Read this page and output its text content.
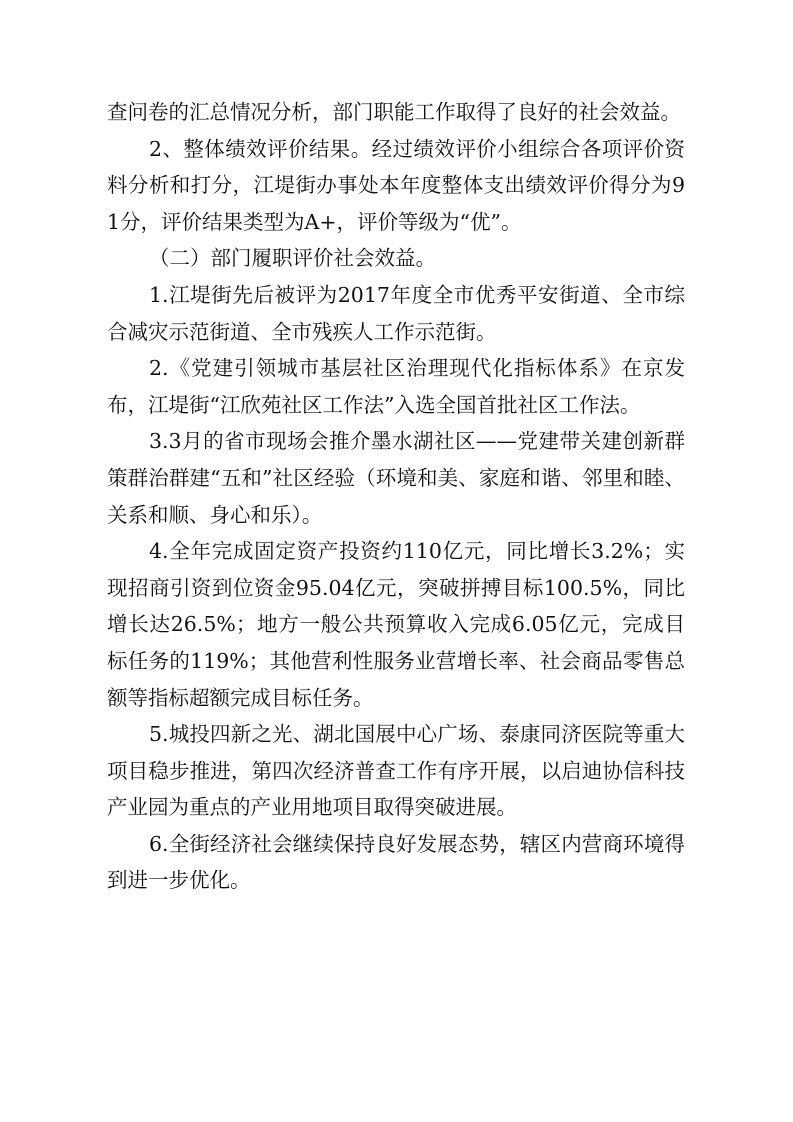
查问卷的汇总情况分析，部门职能工作取得了良好的社会效益。

2、整体绩效评价结果。经过绩效评价小组综合各项评价资料分析和打分，江堤街办事处本年度整体支出绩效评价得分为91分，评价结果类型为A+，评价等级为“优”。

（二）部门履职评价社会效益。

1.江堤街先后被评为2017年度全市优秀平安街道、全市综合减灾示范街道、全市残疾人工作示范街。

2.《党建引领城市基层社区治理现代化指标体系》在京发布，江堤街“江欣苑社区工作法”入选全国首批社区工作法。

3.3月的省市现场会推介墨水湖社区——党建带关建创新群策群治群建“五和”社区经验（环境和美、家庭和谐、邻里和睦、关系和顺、身心和乐）。

4.全年完成固定资产投资约110亿元，同比增长3.2%；实现招商引资到位资金95.04亿元，突破拼搏目标100.5%，同比增长达26.5%；地方一般公共预算收入完成6.05亿元，完成目标任务的119%；其他营利性服务业营增长率、社会商品零售总额等指标超额完成目标任务。

5.城投四新之光、湖北国展中心广场、泰康同济医院等重大项目稳步推进，第四次经济普查工作有序开展，以启迪协信科技产业园为重点的产业用地项目取得突破进展。

6.全街经济社会继续保持良好发展态势，辖区内营商环境得到进一步优化。
